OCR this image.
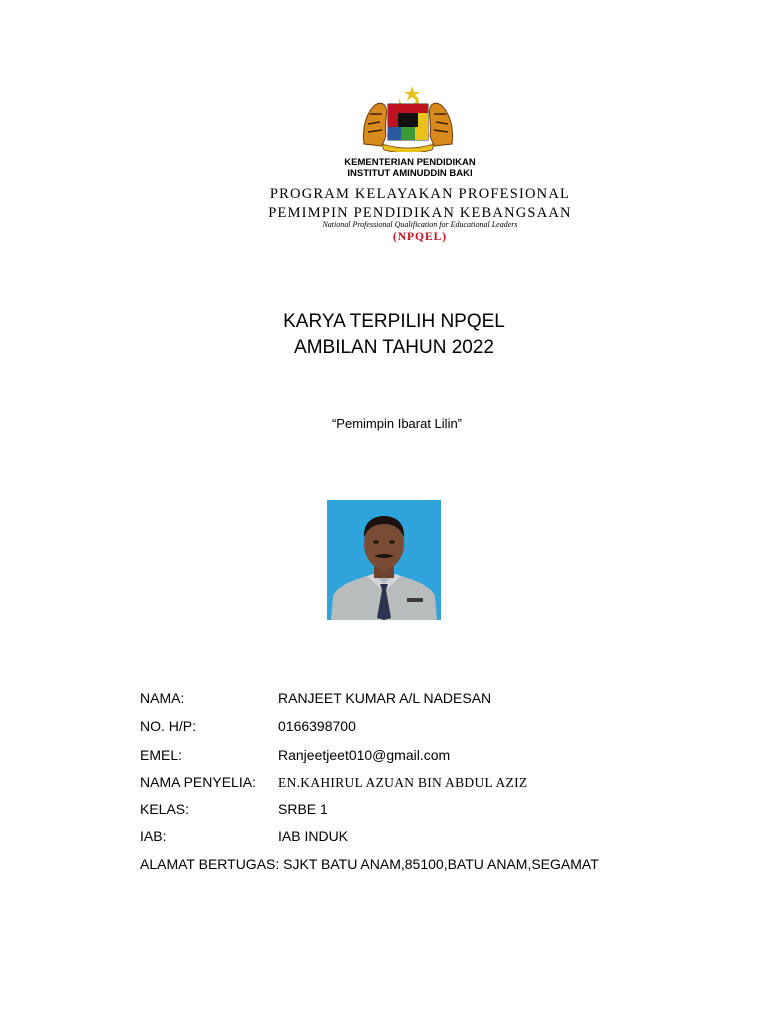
KEMENTERIAN PENDIDIKAN
INSTITUT AMINUDDIN BAKI
PROGRAM KELAYAKAN PROFESIONAL
PEMIMPIN PENDIDIKAN KEBANGSAAN
National Professional Qualification for Educational Leaders
(NPQEL)
KARYA TERPILIH NPQEL
AMBILAN TAHUN 2022
“Pemimpin Ibarat Lilin”
NAMA:	RANJEET KUMAR A/L NADESAN
NO. H/P:	0166398700
EMEL:	Ranjeetjeet010@gmail.com
NAMA PENYELIA: EN.KAHIRUL AZUAN BIN ABDUL AZIZ
KELAS:	SRBE 1
IAB:	IAB INDUK
ALAMAT BERTUGAS: SJKT BATU ANAM,85100,BATU ANAM,SEGAMAT
